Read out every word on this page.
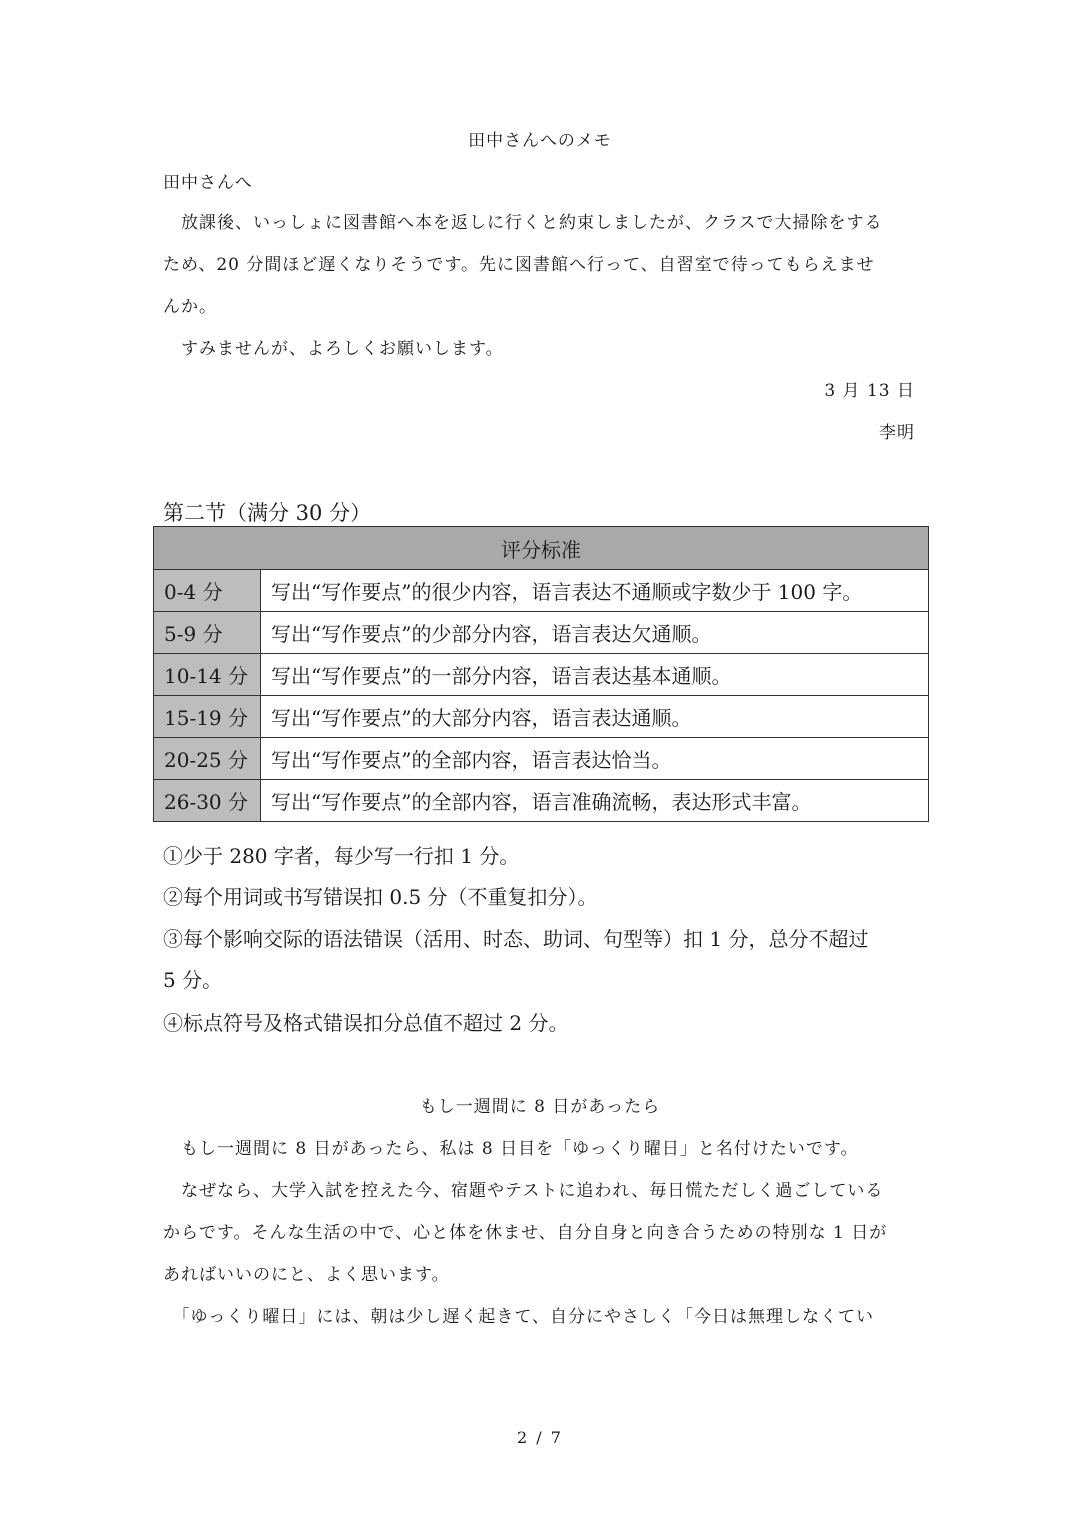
田中さんへのメモ
田中さんへ
　放課後、いっしょに図書館へ本を返しに行くと約束しましたが、クラスで大掃除をする
ため、20 分間ほど遅くなりそうです。先に図書館へ行って、自習室で待ってもらえませ
んか。
　すみませんが、よろしくお願いします。
3 月 13 日
李明
第二节（满分 30 分）
评分标准	
0-4 分	写出“写作要点”的很少内容，语言表达不通顺或字数少于 100 字。
5-9 分	写出“写作要点”的少部分内容，语言表达欠通顺。
10-14 分	写出“写作要点”的一部分内容，语言表达基本通顺。
15-19 分	写出“写作要点”的大部分内容，语言表达通顺。
20-25 分	写出“写作要点”的全部内容，语言表达恰当。
26-30 分	写出“写作要点”的全部内容，语言准确流畅，表达形式丰富。
①少于 280 字者，每少写一行扣 1 分。
②每个用词或书写错误扣 0.5 分（不重复扣分）。
③每个影响交际的语法错误（活用、时态、助词、句型等）扣 1 分，总分不超过
5 分。
④标点符号及格式错误扣分总值不超过 2 分。
もし一週間に 8 日があったら
　もし一週間に 8 日があったら、私は 8 日目を「ゆっくり曜日」と名付けたいです。
　なぜなら、大学入試を控えた今、宿題やテストに追われ、毎日慌ただしく過ごしている
からです。そんな生活の中で、心と体を休ませ、自分自身と向き合うための特別な 1 日が
あればいいのにと、よく思います。
　「ゆっくり曜日」には、朝は少し遅く起きて、自分にやさしく「今日は無理しなくてい
2 / 7
